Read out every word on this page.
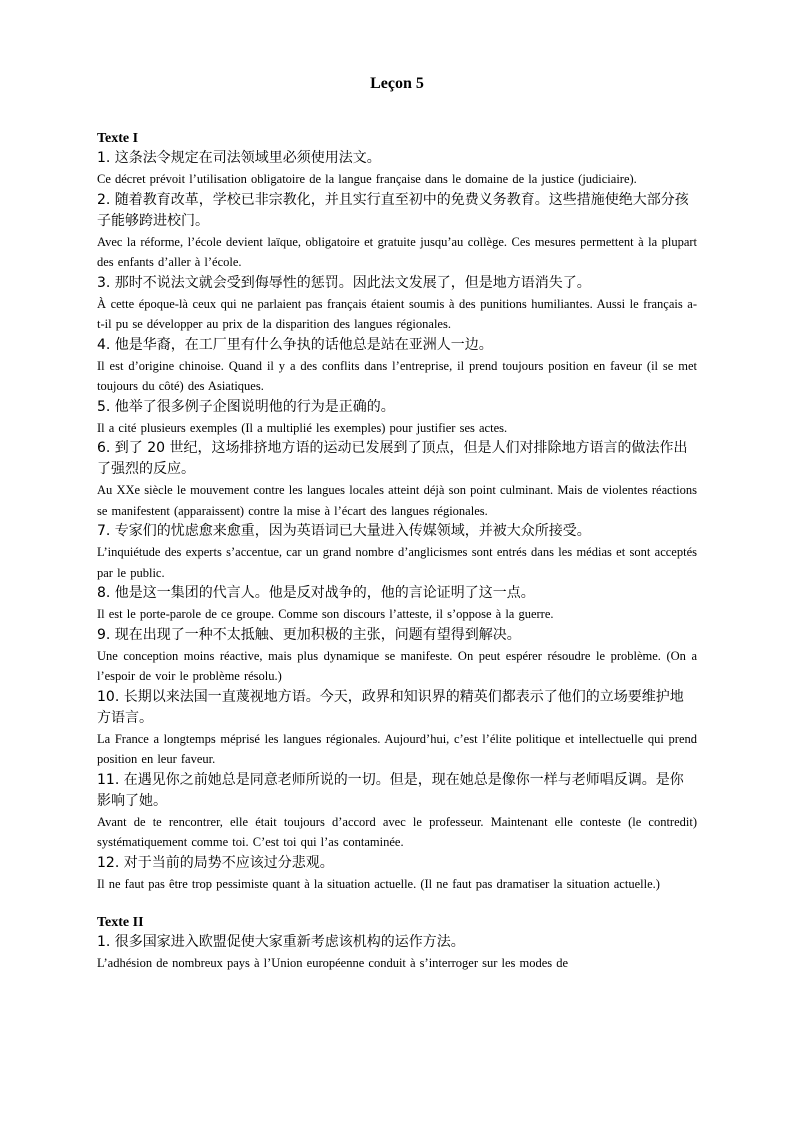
Leçon 5

Texte I

1. 这条法令规定在司法领域里必须使用法文。

Ce décret prévoit l’utilisation obligatoire de la langue française dans le domaine de la justice (judiciaire).

2. 随着教育改革，学校已非宗教化，并且实行直至初中的免费义务教育。这些措施使绝大部分孩子能够跨进校门。

Avec la réforme, l’école devient laïque, obligatoire et gratuite jusqu’au collège. Ces mesures permettent à la plupart des enfants d’aller à l’école.

3. 那时不说法文就会受到侮辱性的惩罚。因此法文发展了，但是地方语消失了。

À cette époque-là ceux qui ne parlaient pas français étaient soumis à des punitions humiliantes. Aussi le français a-t-il pu se développer au prix de la disparition des langues régionales.

4. 他是华裔，在工厂里有什么争执的话他总是站在亚洲人一边。

Il est d’origine chinoise. Quand il y a des conflits dans l’entreprise, il prend toujours position en faveur (il se met toujours du côté) des Asiatiques.

5. 他举了很多例子企图说明他的行为是正确的。

Il a cité plusieurs exemples (Il a multiplié les exemples) pour justifier ses actes.

6. 到了 20 世纪，这场排挤地方语的运动已发展到了顶点，但是人们对排除地方语言的做法作出了强烈的反应。

Au XXe siècle le mouvement contre les langues locales atteint déjà son point culminant. Mais de violentes réactions se manifestent (apparaissent) contre la mise à l’écart des langues régionales.

7. 专家们的忧虑愈来愈重，因为英语词已大量进入传媒领域，并被大众所接受。

L’inquiétude des experts s’accentue, car un grand nombre d’anglicismes sont entrés dans les médias et sont acceptés par le public.

8. 他是这一集团的代言人。他是反对战争的，他的言论证明了这一点。

Il est le porte-parole de ce groupe. Comme son discours l’atteste, il s’oppose à la guerre.

9. 现在出现了一种不太抵触、更加积极的主张，问题有望得到解决。

Une conception moins réactive, mais plus dynamique se manifeste. On peut espérer résoudre le problème. (On a l’espoir de voir le problème résolu.)

10. 长期以来法国一直蔑视地方语。今天，政界和知识界的精英们都表示了他们的立场要维护地方语言。

La France a longtemps méprisé les langues régionales. Aujourd’hui, c’est l’élite politique et intellectuelle qui prend position en leur faveur.

11. 在遇见你之前她总是同意老师所说的一切。但是，现在她总是像你一样与老师唱反调。是你影响了她。

Avant de te rencontrer, elle était toujours d’accord avec le professeur. Maintenant elle conteste (le contredit) systématiquement comme toi. C’est toi qui l’as contaminée.

12. 对于当前的局势不应该过分悲观。

Il ne faut pas être trop pessimiste quant à la situation actuelle. (Il ne faut pas dramatiser la situation actuelle.)

Texte II

1. 很多国家进入欧盟促使大家重新考虑该机构的运作方法。

L’adhésion de nombreux pays à l’Union européenne conduit à s’interroger sur les modes de
